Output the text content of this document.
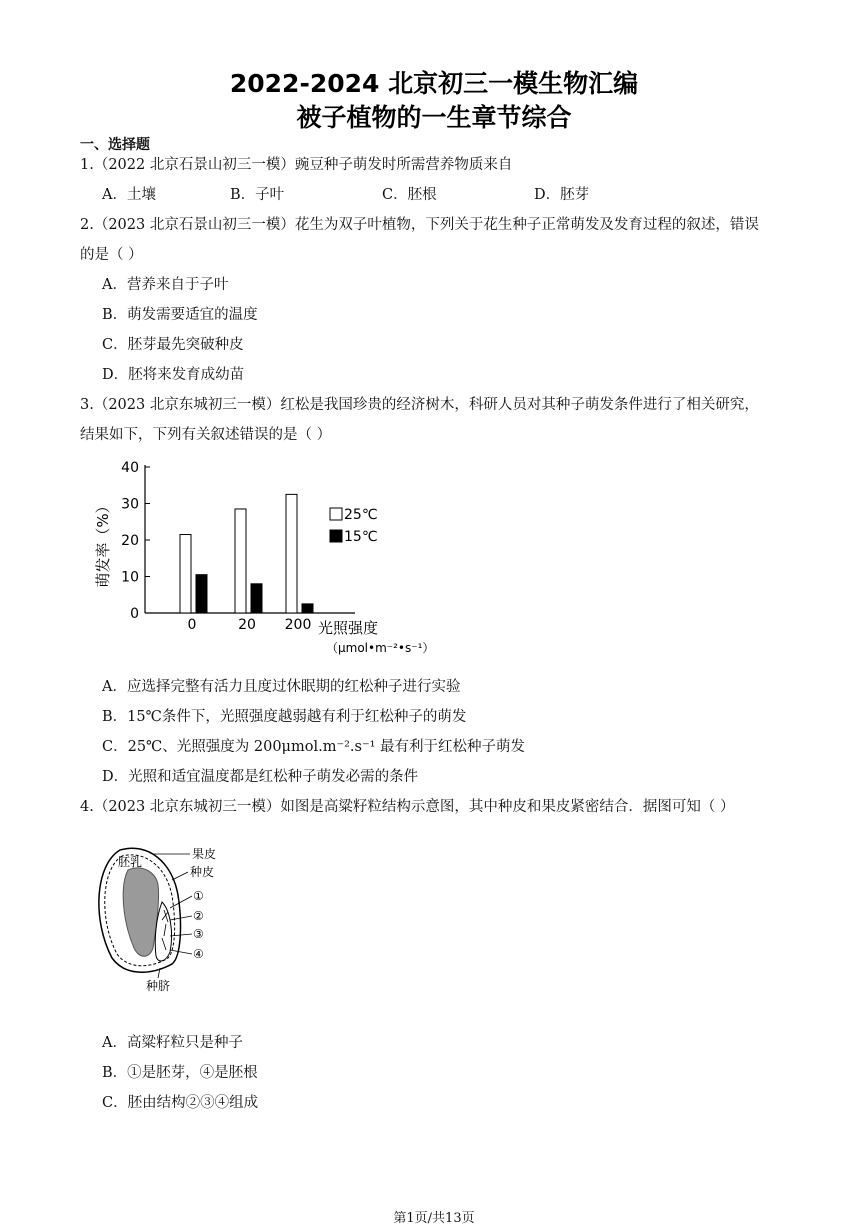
2022-2024 北京初三一模生物汇编
被子植物的一生章节综合
一、选择题
1.（2022 北京石景山初三一模）豌豆种子萌发时所需营养物质来自
A．土壤	B．子叶	C．胚根	D．胚芽
2.（2023 北京石景山初三一模）花生为双子叶植物，下列关于花生种子正常萌发及发育过程的叙述，错误
的是（ ）
A．营养来自于子叶
B．萌发需要适宜的温度
C．胚芽最先突破种皮
D．胚将来发育成幼苗
3.（2023 北京东城初三一模）红松是我国珍贵的经济树木，科研人员对其种子萌发条件进行了相关研究，
结果如下，下列有关叙述错误的是（ ）
0
10
20
30
40
0	20 200
25℃
15℃
萌发率（%）
光照强度
（μmol•m⁻²•s⁻¹）
A．应选择完整有活力且度过休眠期的红松种子进行实验
B．15℃条件下，光照强度越弱越有利于红松种子的萌发
C．25℃、光照强度为 200μmol.m⁻².s⁻¹ 最有利于红松种子萌发
D．光照和适宜温度都是红松种子萌发必需的条件
4.（2023 北京东城初三一模）如图是高粱籽粒结构示意图，其中种皮和果皮紧密结合．据图可知（ ）
胚乳
果皮
种皮
①
②
③
④
种脐
A．高粱籽粒只是种子
B．①是胚芽，④是胚根
C．胚由结构②③④组成
第1页/共13页
